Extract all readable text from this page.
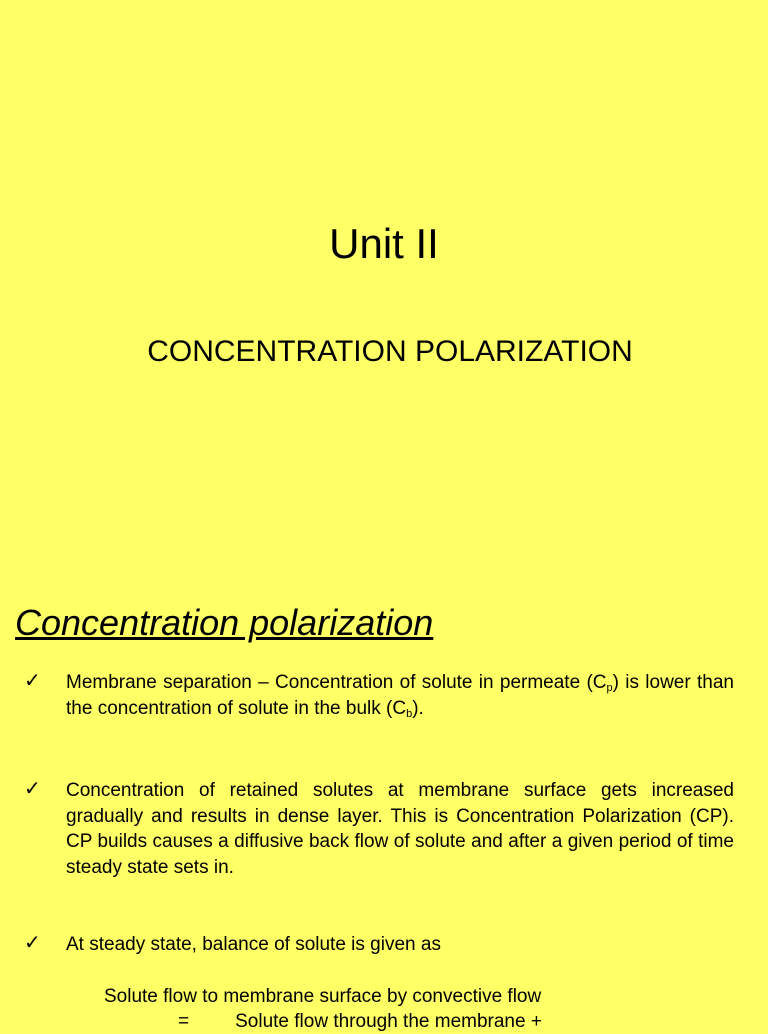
Unit II
CONCENTRATION POLARIZATION
Concentration polarization
✓ Membrane separation – Concentration of solute in permeate $(C_p)$ is lower than the concentration of solute in the bulk $(C_b)$.
✓ Concentration of retained solutes at membrane surface gets increased gradually and results in dense layer. This is Concentration Polarization (CP). CP builds causes a diffusive back flow of solute and after a given period of time steady state sets in.
✓ At steady state, balance of solute is given as
Solute flow to membrane surface by convective flow
= Solute flow through the membrane +
